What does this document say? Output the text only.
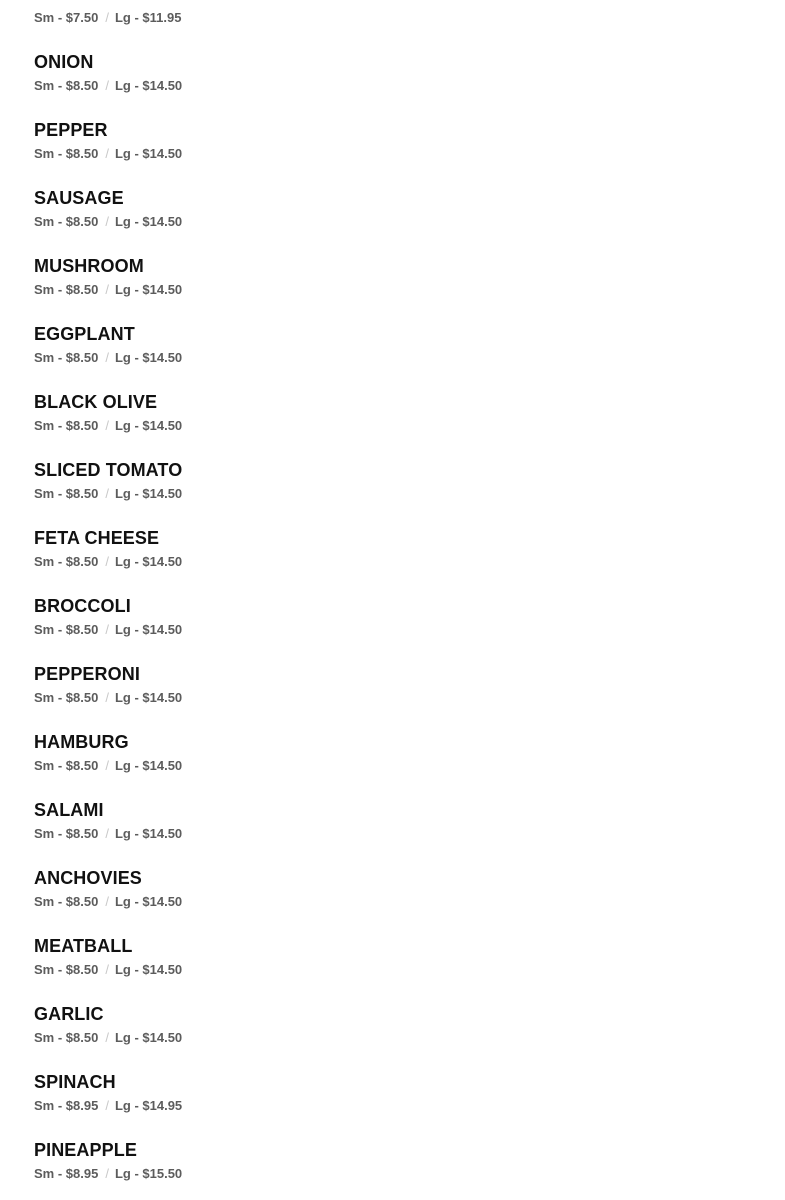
Sm - $7.50 / Lg - $11.95
ONION
Sm - $8.50 / Lg - $14.50
PEPPER
Sm - $8.50 / Lg - $14.50
SAUSAGE
Sm - $8.50 / Lg - $14.50
MUSHROOM
Sm - $8.50 / Lg - $14.50
EGGPLANT
Sm - $8.50 / Lg - $14.50
BLACK OLIVE
Sm - $8.50 / Lg - $14.50
SLICED TOMATO
Sm - $8.50 / Lg - $14.50
FETA CHEESE
Sm - $8.50 / Lg - $14.50
BROCCOLI
Sm - $8.50 / Lg - $14.50
PEPPERONI
Sm - $8.50 / Lg - $14.50
HAMBURG
Sm - $8.50 / Lg - $14.50
SALAMI
Sm - $8.50 / Lg - $14.50
ANCHOVIES
Sm - $8.50 / Lg - $14.50
MEATBALL
Sm - $8.50 / Lg - $14.50
GARLIC
Sm - $8.50 / Lg - $14.50
SPINACH
Sm - $8.95 / Lg - $14.95
PINEAPPLE
Sm - $8.95 / Lg - $15.50
